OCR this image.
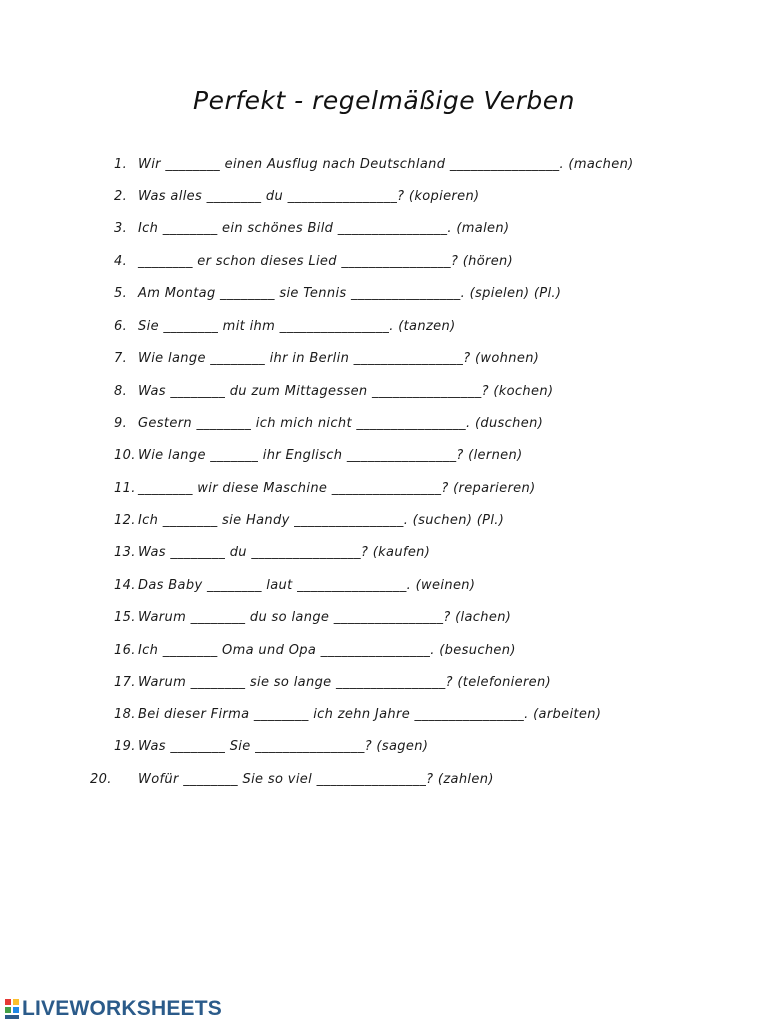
Perfekt - regelmäßige Verben
1. Wir ________ einen Ausflug nach Deutschland ________________. (machen)
2. Was alles ________ du ________________? (kopieren)
3. Ich ________ ein schönes Bild ________________. (malen)
4. ________ er schon dieses Lied ________________? (hören)
5. Am Montag ________ sie Tennis ________________. (spielen) (Pl.)
6. Sie ________ mit ihm ________________. (tanzen)
7. Wie lange ________ ihr in Berlin ________________? (wohnen)
8. Was ________ du zum Mittagessen ________________? (kochen)
9. Gestern ________ ich mich nicht ________________. (duschen)
10. Wie lange _______ ihr Englisch ________________? (lernen)
11. ________ wir diese Maschine ________________? (reparieren)
12. Ich ________ sie Handy ________________. (suchen) (Pl.)
13. Was ________ du ________________? (kaufen)
14. Das Baby ________ laut ________________. (weinen)
15. Warum ________ du so lange ________________? (lachen)
16. Ich ________ Oma und Opa ________________. (besuchen)
17. Warum ________ sie so lange ________________? (telefonieren)
18. Bei dieser Firma ________ ich zehn Jahre ________________. (arbeiten)
19. Was ________ Sie ________________? (sagen)
20. Wofür ________ Sie so viel ________________? (zahlen)
LIVEWORKSHEETS
